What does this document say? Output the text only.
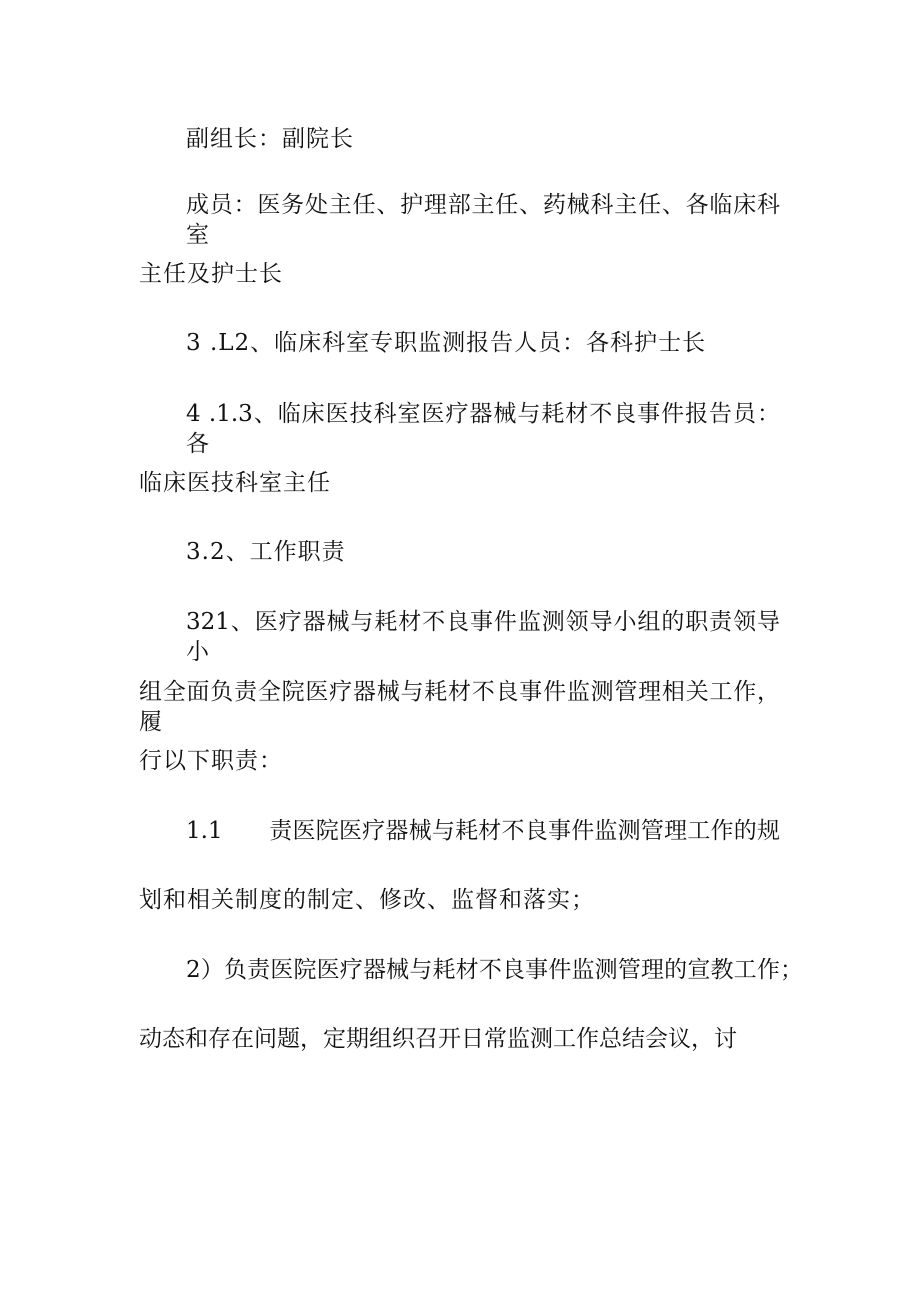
副组长：副院长

成员：医务处主任、护理部主任、药械科主任、各临床科室

主任及护士长

3 .L2、临床科室专职监测报告人员：各科护士长

4 .1.3、临床医技科室医疗器械与耗材不良事件报告员：各

临床医技科室主任

3.2、工作职责

321、医疗器械与耗材不良事件监测领导小组的职责领导小

组全面负责全院医疗器械与耗材不良事件监测管理相关工作，履

行以下职责：

1.1　　责医院医疗器械与耗材不良事件监测管理工作的规

划和相关制度的制定、修改、监督和落实；

2）负责医院医疗器械与耗材不良事件监测管理的宣教工作；

动态和存在问题，定期组织召开日常监测工作总结会议，讨
